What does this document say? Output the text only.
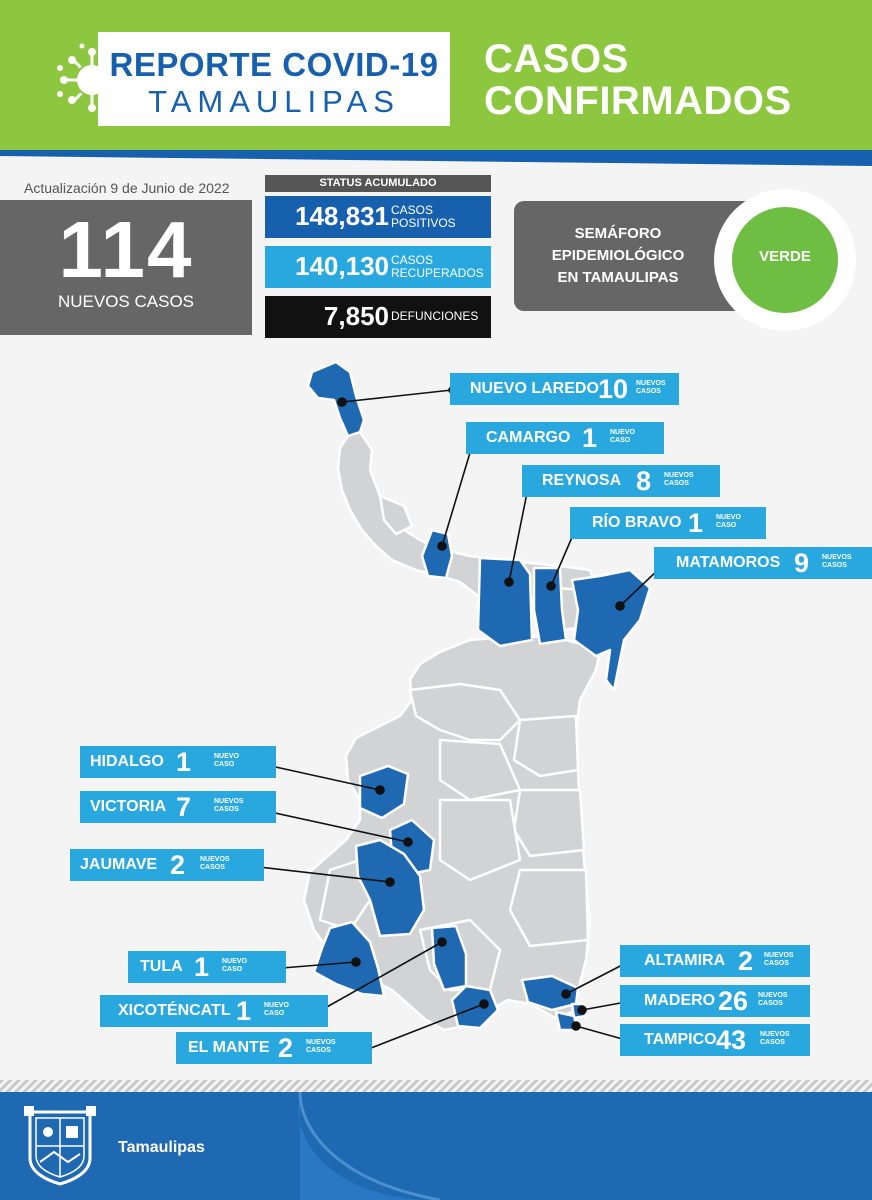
REPORTE COVID-19
TAMAULIPAS
CASOS
CONFIRMADOS
Actualización 9 de Junio de 2022
114
NUEVOS CASOS
STATUS ACUMULADO
148,831 CASOS
POSITIVOS
140,130 CASOS
RECUPERADOS
7,850 DEFUNCIONES
SEMÁFORO
EPIDEMIOLÓGICO
EN TAMAULIPAS
VERDE
NUEVO LAREDO 10 NUEVOS
CASOS
CAMARGO 1 NUEVO
CASO
REYNOSA 8 NUEVOS
CASOS
RÍO BRAVO 1 NUEVO
CASO
MATAMOROS 9 NUEVOS
CASOS
HIDALGO 1	NUEVO
CASO
VICTORIA 7	NUEVOS
CASOS
JAUMAVE 2 NUEVOS
CASOS
TULA 1 NUEVO
CASO
XICOTÉNCATL 1 NUEVO
CASO
EL MANTE 2 NUEVOS
CASOS
ALTAMIRA 2 NUEVOS
CASOS
MADERO 26 NUEVOS
CASOS
TAMPICO 43 NUEVOS
CASOS
Tamaulipas
